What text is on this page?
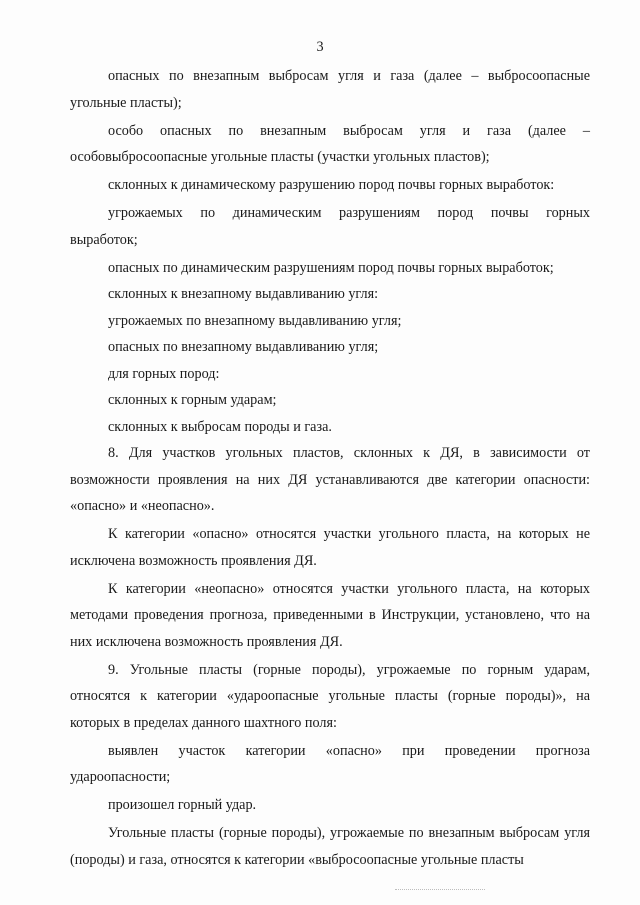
3

опасных по внезапным выбросам угля и газа (далее – выбросоопасные угольные пласты);

особо опасных по внезапным выбросам угля и газа (далее – особовыбросоопасные угольные пласты (участки угольных пластов);

склонных к динамическому разрушению пород почвы горных выработок:

угрожаемых по динамическим разрушениям пород почвы горных выработок;

опасных по динамическим разрушениям пород почвы горных выработок;

склонных к внезапному выдавливанию угля:

угрожаемых по внезапному выдавливанию угля;

опасных по внезапному выдавливанию угля;

для горных пород:

склонных к горным ударам;

склонных к выбросам породы и газа.

8. Для участков угольных пластов, склонных к ДЯ, в зависимости от возможности проявления на них ДЯ устанавливаются две категории опасности: «опасно» и «неопасно».

К категории «опасно» относятся участки угольного пласта, на которых не исключена возможность проявления ДЯ.

К категории «неопасно» относятся участки угольного пласта, на которых методами проведения прогноза, приведенными в Инструкции, установлено, что на них исключена возможность проявления ДЯ.

9. Угольные пласты (горные породы), угрожаемые по горным ударам, относятся к категории «удароопасные угольные пласты (горные породы)», на которых в пределах данного шахтного поля:

выявлен участок категории «опасно» при проведении прогноза удароопасности;

произошел горный удар.

Угольные пласты (горные породы), угрожаемые по внезапным выбросам угля (породы) и газа, относятся к категории «выбросоопасные угольные пласты
